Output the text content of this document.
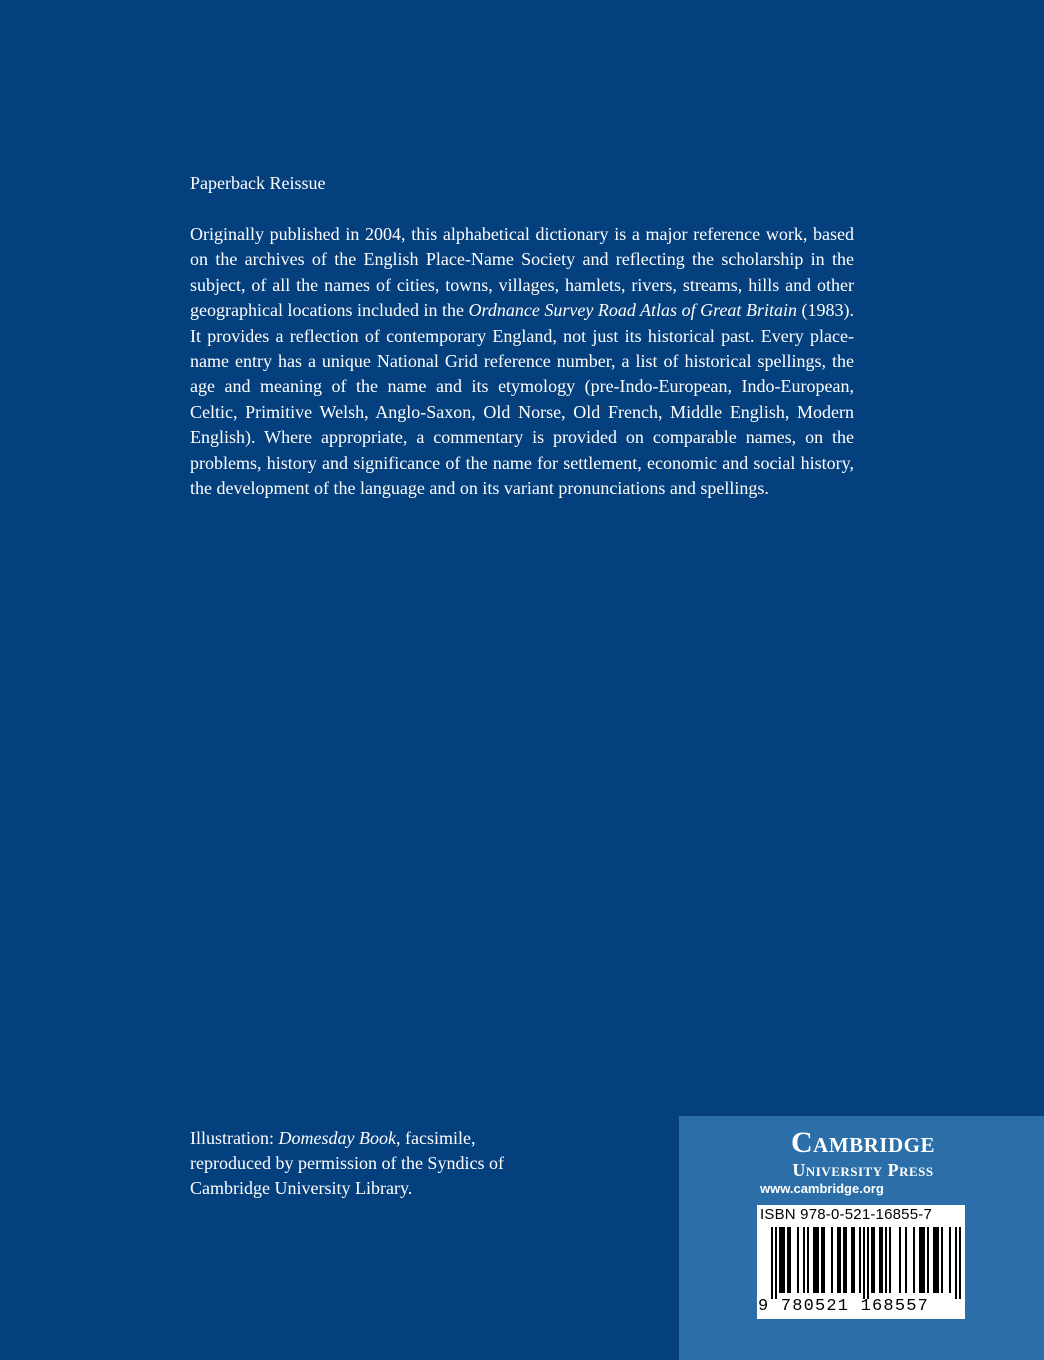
Paperback Reissue

Originally published in 2004, this alphabetical dictionary is a major reference work, based on the archives of the English Place-Name Society and reflecting the scholarship in the subject, of all the names of cities, towns, villages, hamlets, rivers, streams, hills and other geographical locations included in the Ordnance Survey Road Atlas of Great Britain (1983). It provides a reflection of contemporary England, not just its historical past. Every place-name entry has a unique National Grid reference number, a list of historical spellings, the age and meaning of the name and its etymology (pre-Indo-European, Indo-European, Celtic, Primitive Welsh, Anglo-Saxon, Old Norse, Old French, Middle English, Modern English). Where appropriate, a commentary is provided on comparable names, on the problems, history and significance of the name for settlement, economic and social history, the development of the language and on its variant pronunciations and spellings.

Illustration: Domesday Book, facsimile,
reproduced by permission of the Syndics of
Cambridge University Library.
Cambridge
University Press
www.cambridge.org
ISBN 978-0-521-16855-7
9 780521 168557
